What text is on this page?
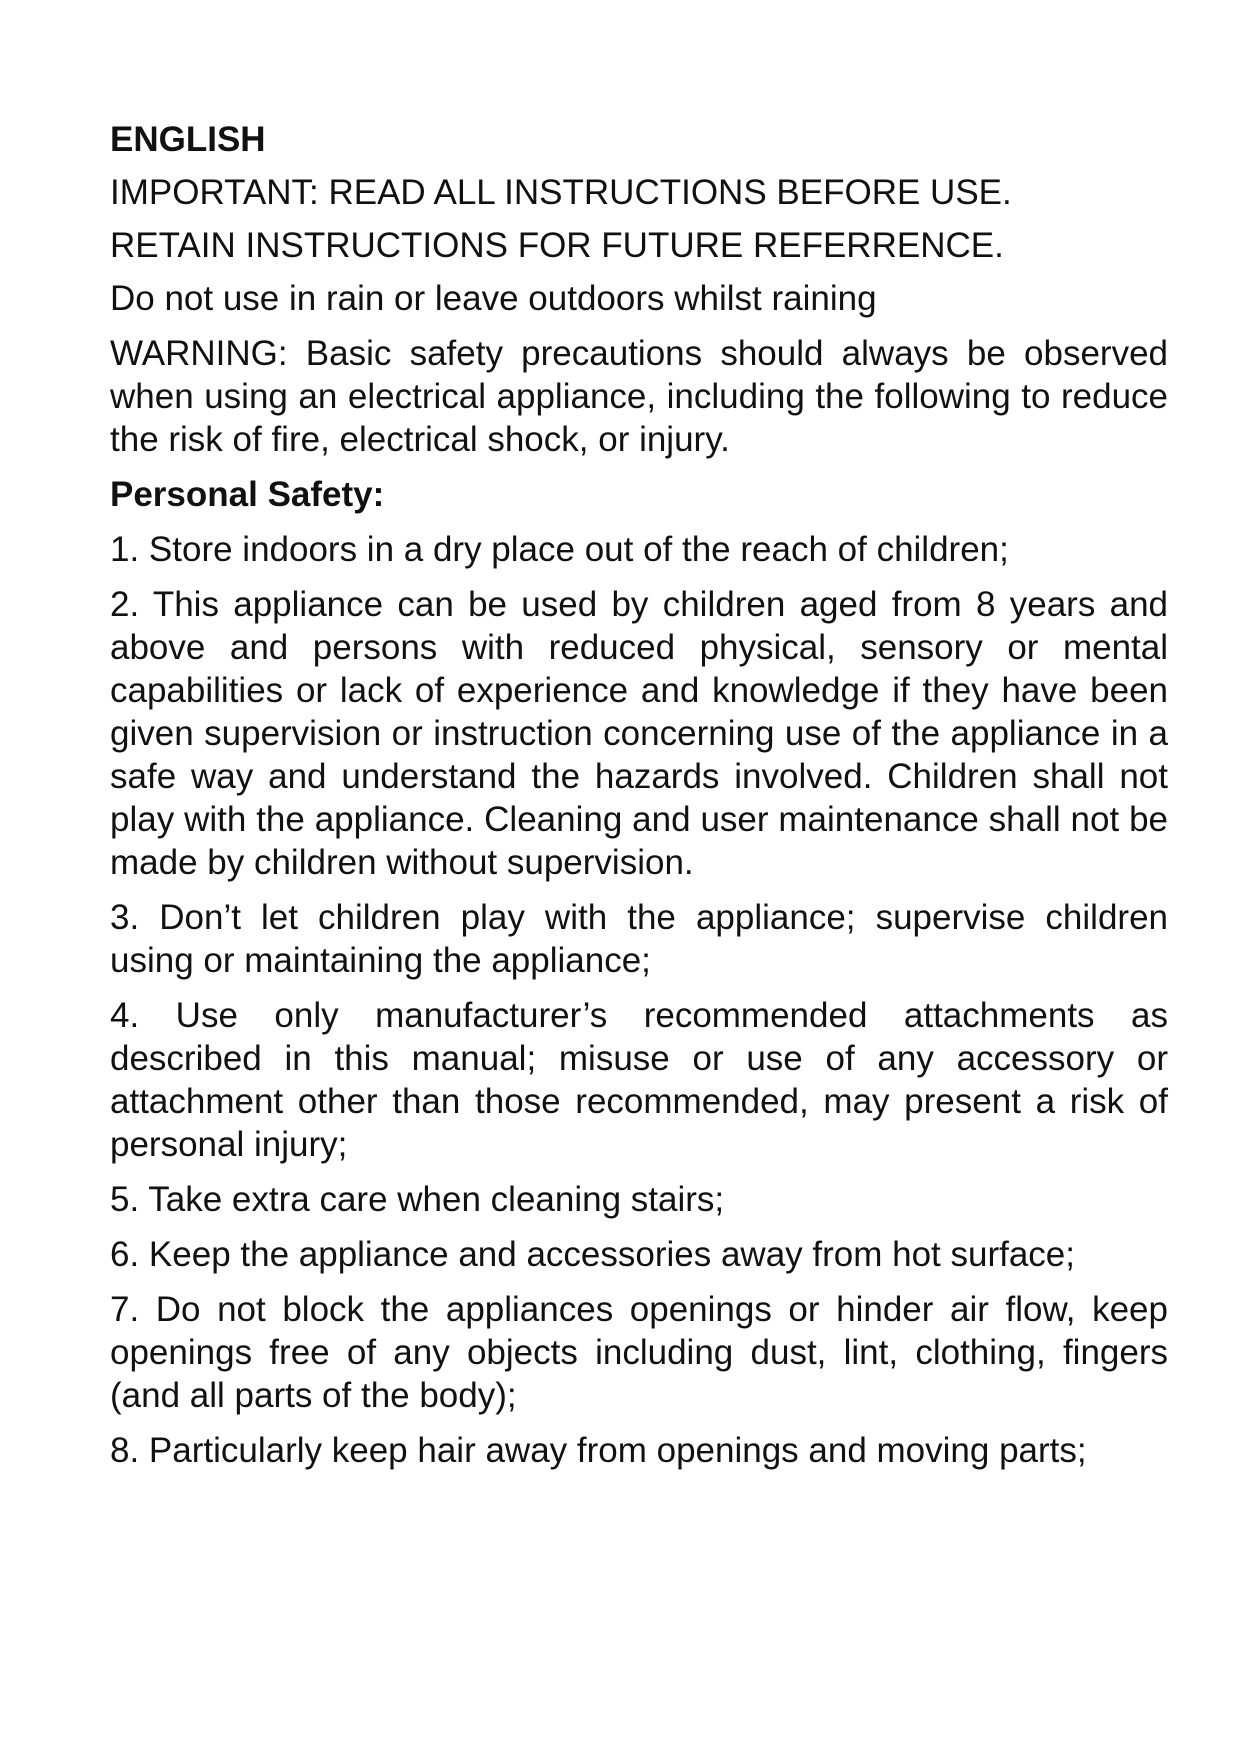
ENGLISH

IMPORTANT: READ ALL INSTRUCTIONS BEFORE USE.

RETAIN INSTRUCTIONS FOR FUTURE REFERRENCE.

Do not use in rain or leave outdoors whilst raining

WARNING: Basic safety precautions should always be observed when using an electrical appliance, including the following to reduce the risk of fire, electrical shock, or injury.

Personal Safety:

1. Store indoors in a dry place out of the reach of children;

2. This appliance can be used by children aged from 8 years and above and persons with reduced physical, sensory or mental capabilities or lack of experience and knowledge if they have been given supervision or instruction concerning use of the appliance in a safe way and understand the hazards involved. Children shall not play with the appliance. Cleaning and user maintenance shall not be made by children without supervision.

3. Don’t let children play with the appliance; supervise children using or maintaining the appliance;

4. Use only manufacturer’s recommended attachments as described in this manual; misuse or use of any accessory or attachment other than those recommended, may present a risk of personal injury;

5. Take extra care when cleaning stairs;

6. Keep the appliance and accessories away from hot surface;

7. Do not block the appliances openings or hinder air flow, keep openings free of any objects including dust, lint, clothing, fingers (and all parts of the body);

8. Particularly keep hair away from openings and moving parts;
